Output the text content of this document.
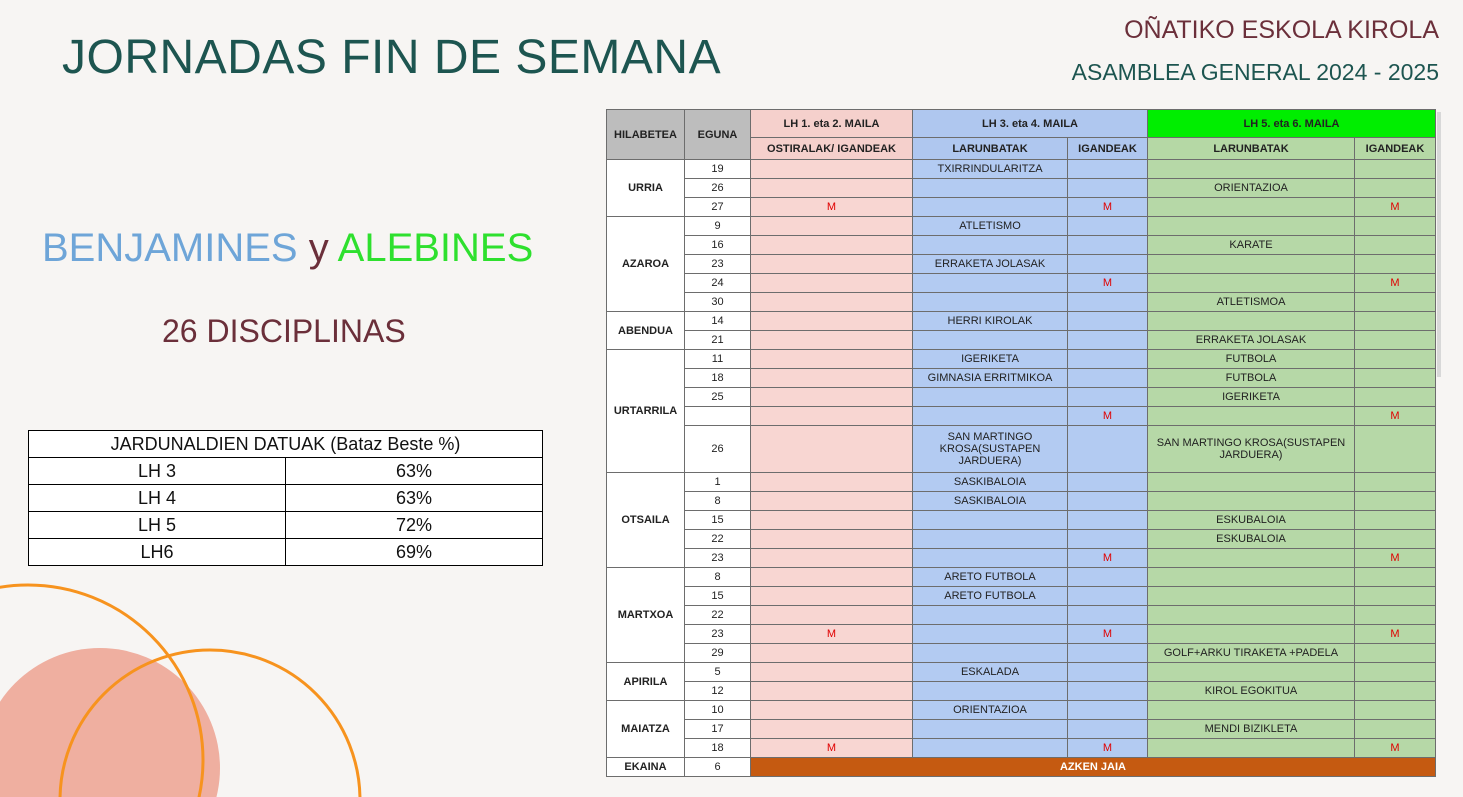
JORNADAS FIN DE SEMANA
OÑATIKO ESKOLA KIROLA
ASAMBLEA GENERAL 2024 - 2025
BENJAMINES y ALEBINES
26 DISCIPLINAS
JARDUNALDIEN DATUAK (Bataz Beste %)	
LH 3	63%
LH 4	63%
LH 5	72%
LH6	69%
HILABETEA	EGUNA	LH 1. eta 2. MAILA	LH 3. eta 4. MAILA		LH 5. eta 6. MAILA	
		OSTIRALAK/ IGANDEAK	LARUNBATAK	IGANDEAK	LARUNBATAK	IGANDEAK
URRIA	19		TXIRRINDULARITZA			
	26				ORIENTAZIOA	
	27	M		M		M
AZAROA	9		ATLETISMO			
	16				KARATE	
	23		ERRAKETA JOLASAK			
	24			M		M
	30				ATLETISMOA	
ABENDUA	14		HERRI KIROLAK			
	21				ERRAKETA JOLASAK	
URTARRILA	11		IGERIKETA		FUTBOLA	
	18		GIMNASIA ERRITMIKOA		FUTBOLA	
	25				IGERIKETA	
				M		M
	26		SAN MARTINGO KROSA(SUSTAPEN JARDUERA)		SAN MARTINGO KROSA(SUSTAPEN JARDUERA)	
OTSAILA	1		SASKIBALOIA			
	8		SASKIBALOIA			
	15				ESKUBALOIA	
	22				ESKUBALOIA	
	23			M		M
MARTXOA	8		ARETO FUTBOLA			
	15		ARETO FUTBOLA			
	22					
	23	M		M		M
	29				GOLF+ARKU TIRAKETA +PADELA	
APIRILA	5		ESKALADA			
	12				KIROL EGOKITUA	
MAIATZA	10		ORIENTAZIOA			
	17				MENDI BIZIKLETA	
	18	M		M		M
EKAINA	6	AZKEN JAIA				
